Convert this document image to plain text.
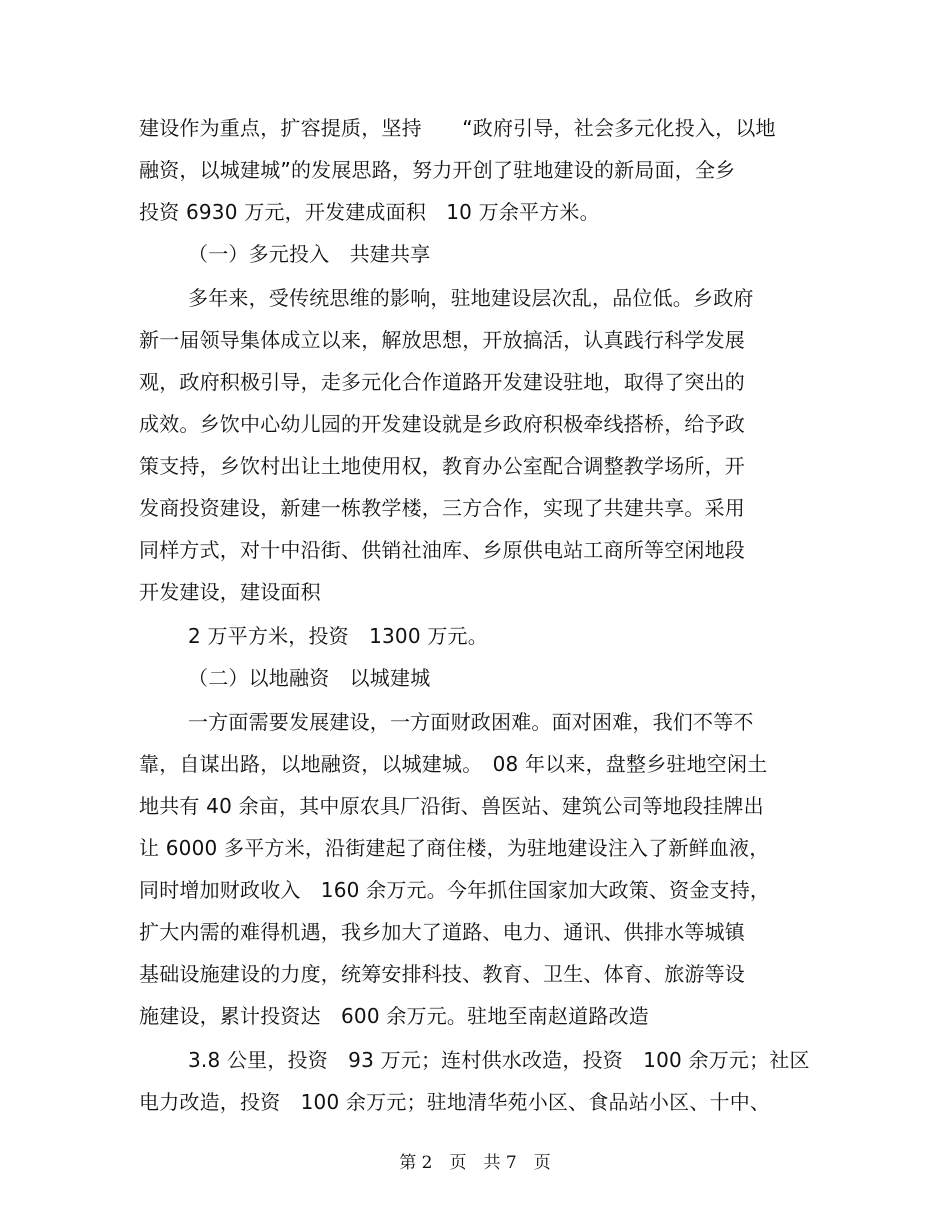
建设作为重点，扩容提质，坚持　　“政府引导，社会多元化投入，以地
融资，以城建城”的发展思路，努力开创了驻地建设的新局面，全乡
投资 6930 万元，开发建成面积　10 万余平方米。
（一）多元投入　共建共享
多年来，受传统思维的影响，驻地建设层次乱，品位低。乡政府
新一届领导集体成立以来，解放思想，开放搞活，认真践行科学发展
观，政府积极引导，走多元化合作道路开发建设驻地，取得了突出的
成效。乡饮中心幼儿园的开发建设就是乡政府积极牵线搭桥，给予政
策支持，乡饮村出让土地使用权，教育办公室配合调整教学场所，开
发商投资建设，新建一栋教学楼，三方合作，实现了共建共享。采用
同样方式，对十中沿街、供销社油库、乡原供电站工商所等空闲地段
开发建设，建设面积
2 万平方米，投资　1300 万元。
（二）以地融资　以城建城
一方面需要发展建设，一方面财政困难。面对困难，我们不等不
靠，自谋出路，以地融资，以城建城。　08 年以来，盘整乡驻地空闲土
地共有 40 余亩，其中原农具厂沿街、兽医站、建筑公司等地段挂牌出
让 6000 多平方米，沿街建起了商住楼，为驻地建设注入了新鲜血液，
同时增加财政收入　160 余万元。今年抓住国家加大政策、资金支持，
扩大内需的难得机遇，我乡加大了道路、电力、通讯、供排水等城镇
基础设施建设的力度，统筹安排科技、教育、卫生、体育、旅游等设
施建设，累计投资达　600 余万元。驻地至南赵道路改造
3.8 公里，投资　93 万元；连村供水改造，投资　100 余万元；社区
电力改造，投资　100 余万元；驻地清华苑小区、食品站小区、十中、
第 2　页　共 7　页
